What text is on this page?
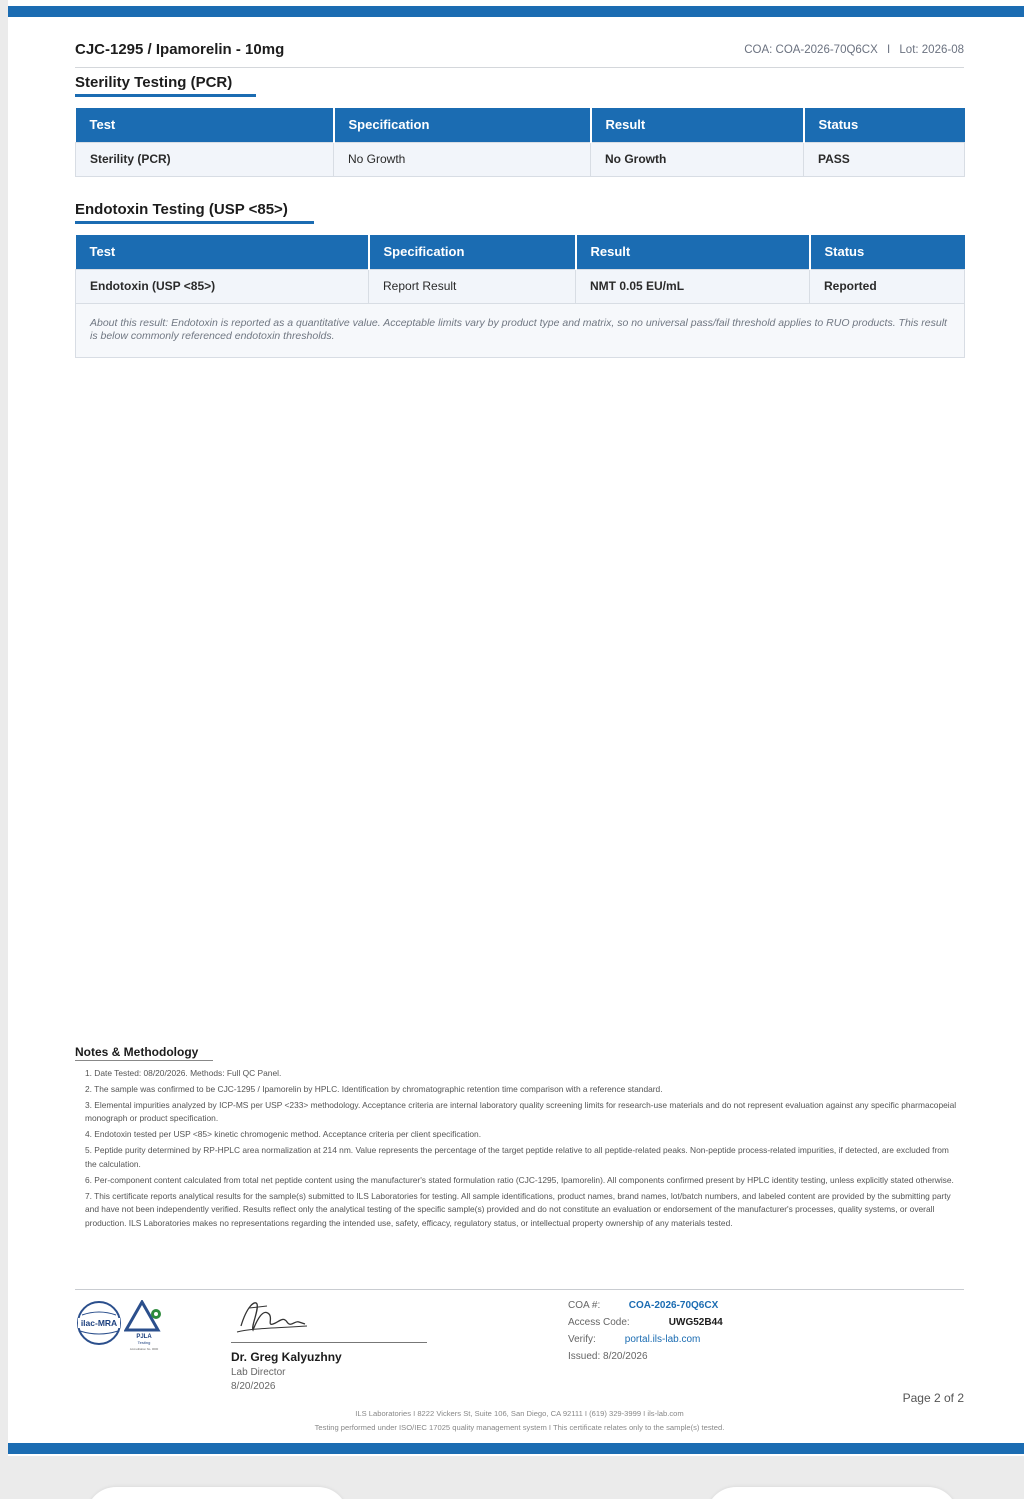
CJC-1295 / Ipamorelin - 10mg	COA: COA-2026-70Q6CX I Lot: 2026-08
Sterility Testing (PCR)
Test	Specification	Result	Status
Sterility (PCR)	No Growth	No Growth	PASS
Endotoxin Testing (USP <85>)
Test	Specification	Result	Status
Endotoxin (USP <85>)	Report Result	NMT 0.05 EU/mL	Reported
About this result: Endotoxin is reported as a quantitative value. Acceptable limits vary by product type and matrix, so no universal pass/fail threshold applies to RUO products. This result is below commonly referenced endotoxin thresholds.			
Notes & Methodology
1. Date Tested: 08/20/2026. Methods: Full QC Panel.
2. The sample was confirmed to be CJC-1295 / Ipamorelin by HPLC. Identification by chromatographic retention time comparison with a reference standard.
3. Elemental impurities analyzed by ICP-MS per USP <233> methodology. Acceptance criteria are internal laboratory quality screening limits for research-use materials and do not represent evaluation against any specific pharmacopeial monograph or product specification.
4. Endotoxin tested per USP <85> kinetic chromogenic method. Acceptance criteria per client specification.
5. Peptide purity determined by RP-HPLC area normalization at 214 nm. Value represents the percentage of the target peptide relative to all peptide-related peaks. Non-peptide process-related impurities, if detected, are excluded from the calculation.
6. Per-component content calculated from total net peptide content using the manufacturer's stated formulation ratio (CJC-1295, Ipamorelin). All components confirmed present by HPLC identity testing, unless explicitly stated otherwise.
7. This certificate reports analytical results for the sample(s) submitted to ILS Laboratories for testing. All sample identifications, product names, brand names, lot/batch numbers, and labeled content are provided by the submitting party and have not been independently verified. Results reflect only the analytical testing of the specific sample(s) provided and do not constitute an evaluation or endorsement of the manufacturer's processes, quality systems, or overall production. ILS Laboratories makes no representations regarding the intended use, safety, efficacy, regulatory status, or intellectual property ownership of any materials tested.
ilac-MRA
PJLA
Testing
Accreditation No. 0000
Dr. Greg Kalyuzhny
Lab Director
8/20/2026
COA #:	COA-2026-70Q6CX
Access Code:	UWG52B44
Verify:	portal.ils-lab.com
Issued: 8/20/2026
Page 2 of 2
ILS Laboratories I 8222 Vickers St, Suite 106, San Diego, CA 92111 I (619) 329-3999 I ils-lab.com
Testing performed under ISO/IEC 17025 quality management system I This certificate relates only to the sample(s) tested.
